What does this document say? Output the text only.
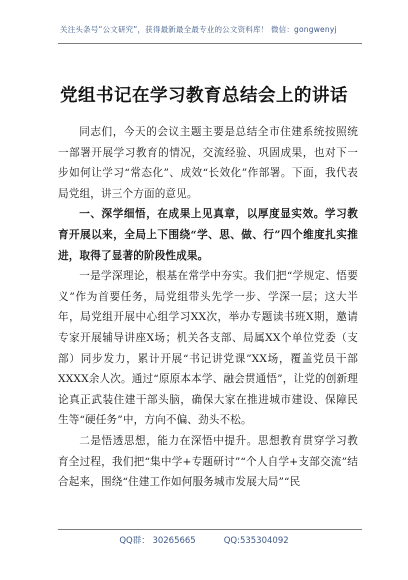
关注头条号“公文研究”，获得最新最全最专业的公文资料库！ 微信：gongwenyj
党组书记在学习教育总结会上的讲话

同志们，今天的会议主题主要是总结全市住建系统按照统一部署开展学习教育的情况，交流经验、巩固成果，也对下一步如何让学习“常态化”、成效“长效化”作部署。下面，我代表局党组，讲三个方面的意见。

一、深学细悟，在成果上见真章，以厚度显实效。学习教育开展以来，全局上下围绕“学、思、做、行”四个维度扎实推进，取得了显著的阶段性成果。

一是学深理论，根基在常学中夯实。我们把“学规定、悟要义”作为首要任务，局党组带头先学一步、学深一层；这大半年，局党组开展中心组学习XX次，举办专题读书班X期，邀请专家开展辅导讲座X场；机关各支部、局属XX个单位党委（支部）同步发力，累计开展“书记讲党课”XX场，覆盖党员干部XXXX余人次。通过“原原本本学、融会贯通悟”，让党的创新理论真正武装住建干部头脑，确保大家在推进城市建设、保障民生等“硬任务”中，方向不偏、劲头不松。

二是悟透思想，能力在深悟中提升。思想教育贯穿学习教育全过程，我们把“集中学+专题研讨”“个人自学+支部交流”结合起来，围绕“住建工作如何服务城市发展大局”“民

QQ群： 30265665	QQ:535304092
